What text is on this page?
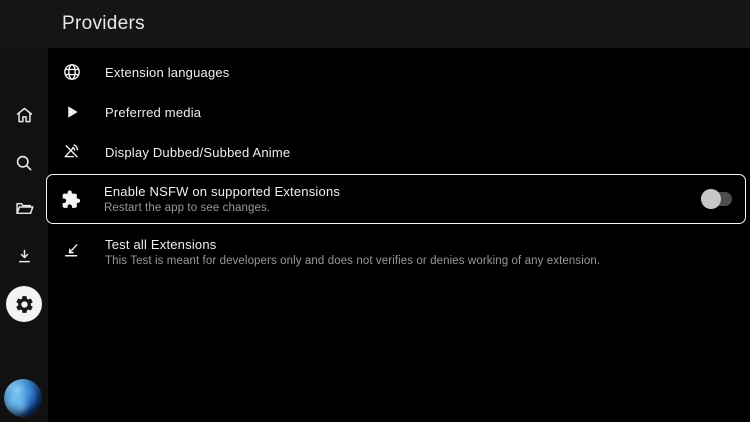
Providers
Extension languages
Preferred media
Display Dubbed/Subbed Anime
Enable NSFW on supported Extensions
Restart the app to see changes.
Test all Extensions
This Test is meant for developers only and does not verifies or denies working of any extension.
